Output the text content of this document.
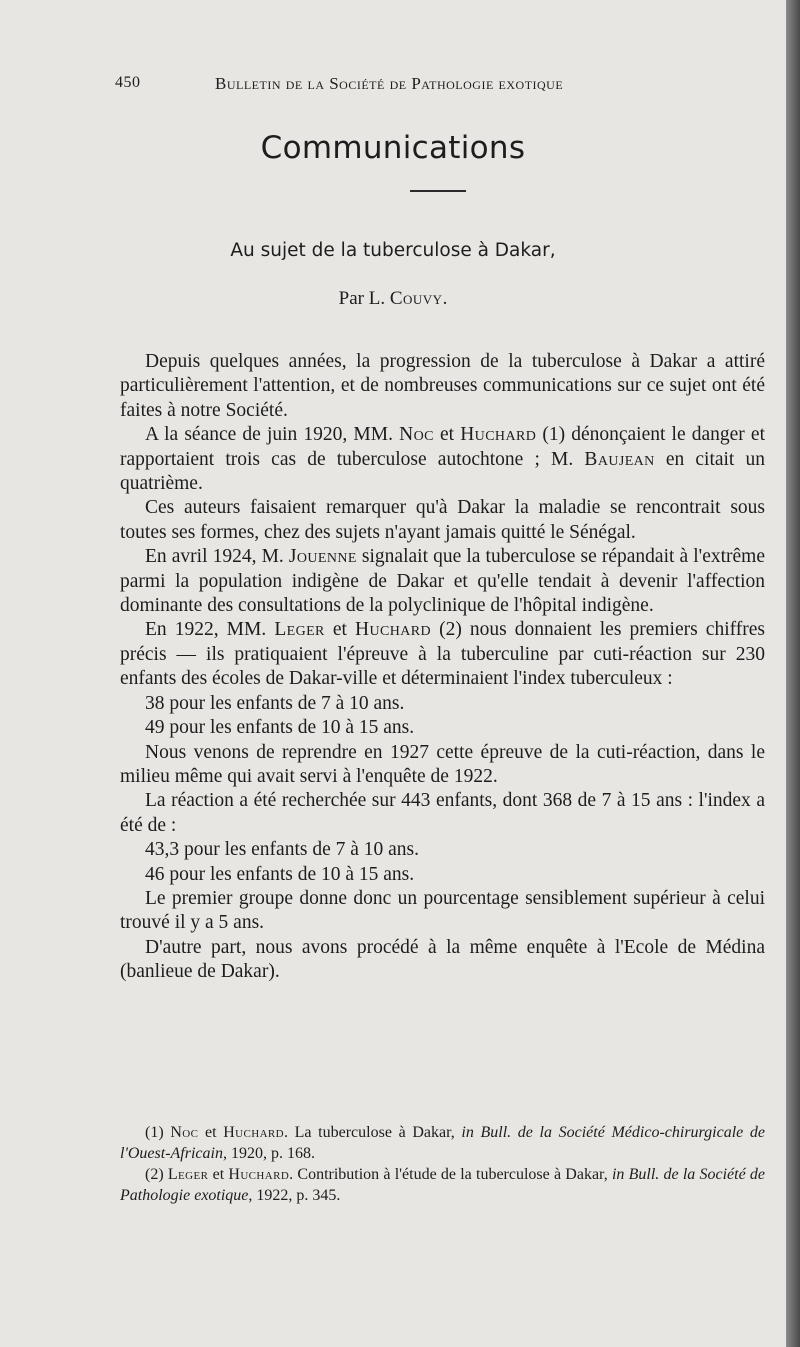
450	Bulletin de la Société de Pathologie exotique
Communications
Au sujet de la tuberculose à Dakar,
Par L. Couvy.

Depuis quelques années, la progression de la tuberculose à Dakar a attiré particulièrement l'attention, et de nombreuses communications sur ce sujet ont été faites à notre Société.

A la séance de juin 1920, MM. Noc et Huchard (1) dénonçaient le danger et rapportaient trois cas de tuberculose autochtone ; M. Baujean en citait un quatrième.

Ces auteurs faisaient remarquer qu'à Dakar la maladie se rencontrait sous toutes ses formes, chez des sujets n'ayant jamais quitté le Sénégal.

En avril 1924, M. Jouenne signalait que la tuberculose se répandait à l'extrême parmi la population indigène de Dakar et qu'elle tendait à devenir l'affection dominante des consultations de la polyclinique de l'hôpital indigène.

En 1922, MM. Leger et Huchard (2) nous donnaient les premiers chiffres précis — ils pratiquaient l'épreuve à la tuberculine par cuti-réaction sur 230 enfants des écoles de Dakar-ville et déterminaient l'index tuberculeux :

38 pour les enfants de 7 à 10 ans.

49 pour les enfants de 10 à 15 ans.

Nous venons de reprendre en 1927 cette épreuve de la cuti-réaction, dans le milieu même qui avait servi à l'enquête de 1922.

La réaction a été recherchée sur 443 enfants, dont 368 de 7 à 15 ans : l'index a été de :

43,3 pour les enfants de 7 à 10 ans.

46 pour les enfants de 10 à 15 ans.

Le premier groupe donne donc un pourcentage sensiblement supérieur à celui trouvé il y a 5 ans.

D'autre part, nous avons procédé à la même enquête à l'Ecole de Médina (banlieue de Dakar).

(1) Noc et Huchard. La tuberculose à Dakar, in Bull. de la Société Médico-chirurgicale de l'Ouest-Africain, 1920, p. 168.

(2) Leger et Huchard. Contribution à l'étude de la tuberculose à Dakar, in Bull. de la Société de Pathologie exotique, 1922, p. 345.
